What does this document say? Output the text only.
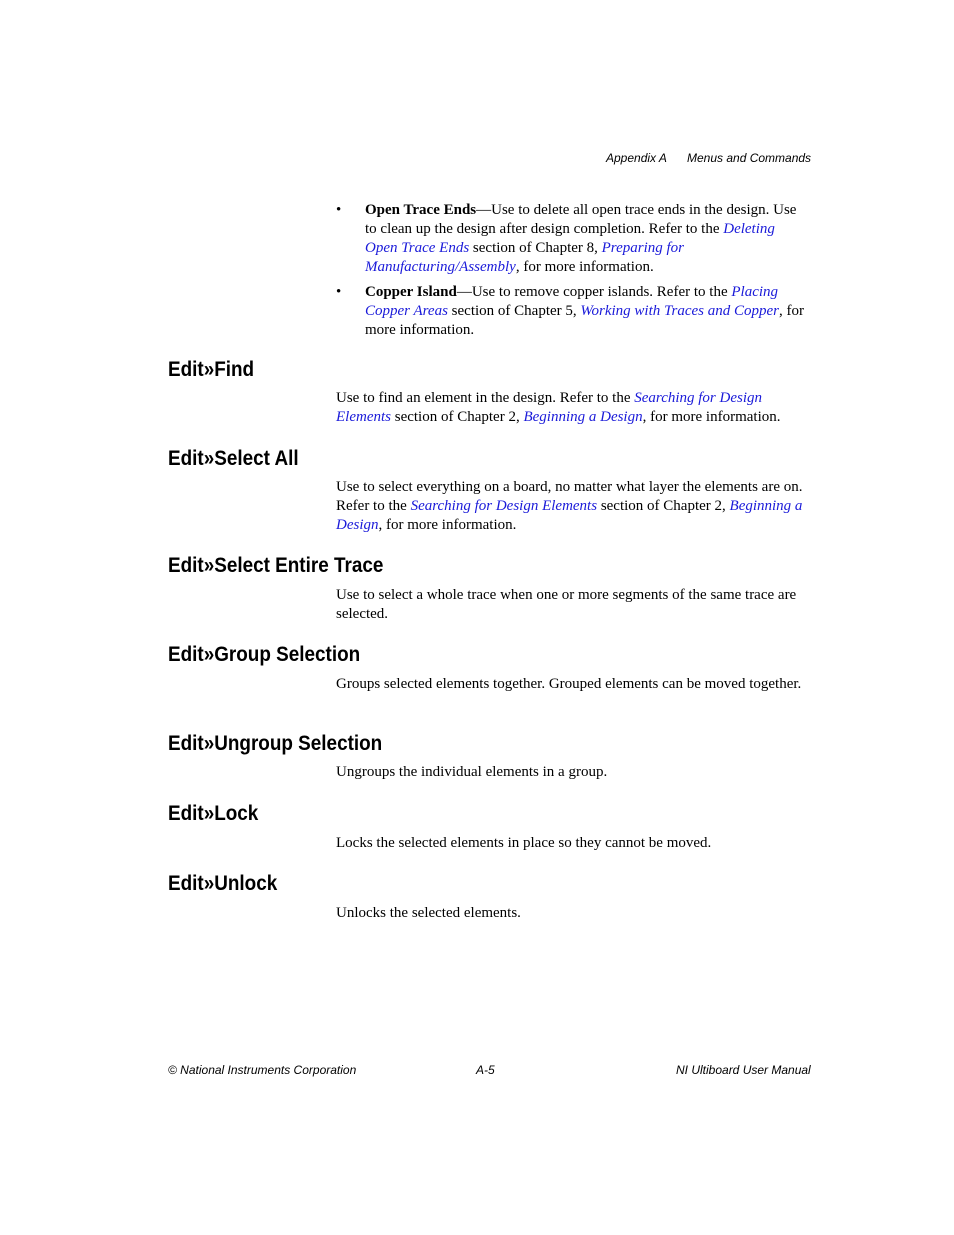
Appendix A Menus and Commands
• Open Trace Ends—Use to delete all open trace ends in the design. Use to clean up the design after design completion. Refer to the Deleting Open Trace Ends section of Chapter 8, Preparing for Manufacturing/Assembly, for more information.
• Copper Island—Use to remove copper islands. Refer to the Placing Copper Areas section of Chapter 5, Working with Traces and Copper, for more information.
Edit»Find

Use to find an element in the design. Refer to the Searching for Design Elements section of Chapter 2, Beginning a Design, for more information.

Edit»Select All

Use to select everything on a board, no matter what layer the elements are on. Refer to the Searching for Design Elements section of Chapter 2, Beginning a Design, for more information.

Edit»Select Entire Trace

Use to select a whole trace when one or more segments of the same trace are selected.

Edit»Group Selection

Groups selected elements together. Grouped elements can be moved together.

Edit»Ungroup Selection

Ungroups the individual elements in a group.

Edit»Lock

Locks the selected elements in place so they cannot be moved.

Edit»Unlock

Unlocks the selected elements.

© National Instruments Corporation	A-5	NI Ultiboard User Manual
